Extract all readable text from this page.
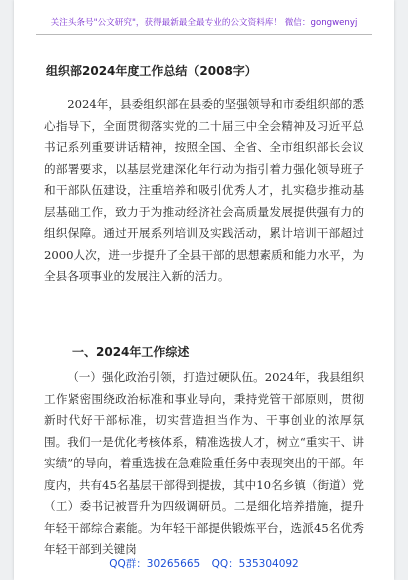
关注头条号"公文研究"，获得最新最全最专业的公文资料库！ 微信：gongwenyj
组织部2024年度工作总结（2008字）

2024年，县委组织部在县委的坚强领导和市委组织部的悉心指导下，全面贯彻落实党的二十届三中全会精神及习近平总书记系列重要讲话精神，按照全国、全省、全市组织部长会议的部署要求，以基层党建深化年行动为指引着力强化领导班子和干部队伍建设，注重培养和吸引优秀人才，扎实稳步推动基层基础工作，致力于为推动经济社会高质量发展提供强有力的组织保障。通过开展系列培训及实践活动，累计培训干部超过2000人次，进一步提升了全县干部的思想素质和能力水平，为全县各项事业的发展注入新的活力。

一、2024年工作综述

（一）强化政治引领，打造过硬队伍。2024年，我县组织工作紧密围绕政治标准和事业导向，秉持党管干部原则，贯彻新时代好干部标准，切实营造担当作为、干事创业的浓厚氛围。我们一是优化考核体系，精准选拔人才，树立“重实干、讲实绩”的导向，着重选拔在急难险重任务中表现突出的干部。年度内，共有45名基层干部得到提拔，其中10名乡镇（街道）党（工）委书记被晋升为四级调研员。二是细化培养措施，提升年轻干部综合素能。为年轻干部提供锻炼平台，选派45名优秀年轻干部到关键岗

QQ群：30265665 QQ：535304092
